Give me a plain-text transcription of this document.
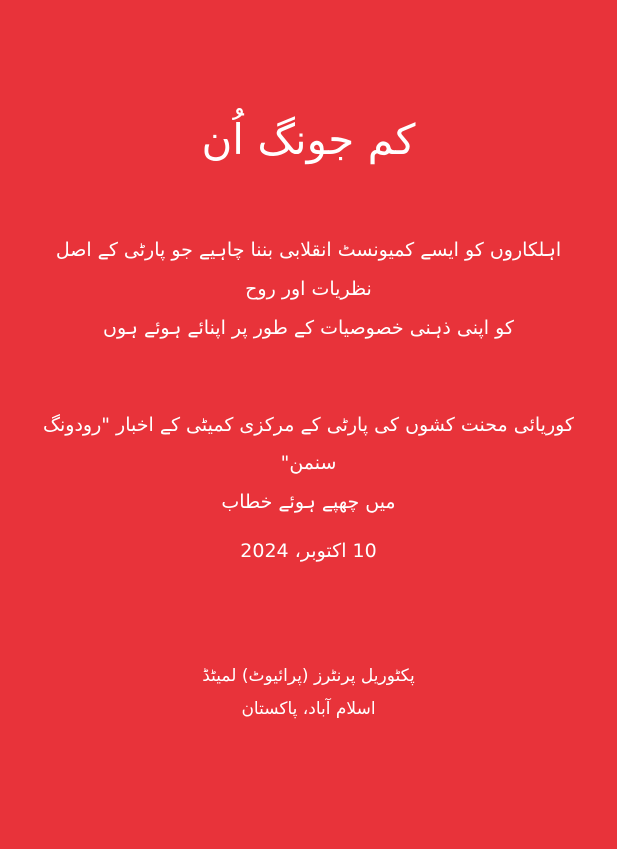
کم جونگ اُن
اہلکاروں کو ایسے کمیونسٹ انقلابی بننا چاہیے جو پارٹی کے اصل نظریات اور روح
کو اپنی ذہنی خصوصیات کے طور پر اپنائے ہوئے ہوں
کوریائی محنت کشوں کی پارٹی کے مرکزی کمیٹی کے اخبار "رودونگ سنمن"
میں چھپے ہوئے خطاب
10 اکتوبر، 2024
پکٹوریل پرنٹرز (پرائیوٹ) لمیٹڈ
اسلام آباد، پاکستان
